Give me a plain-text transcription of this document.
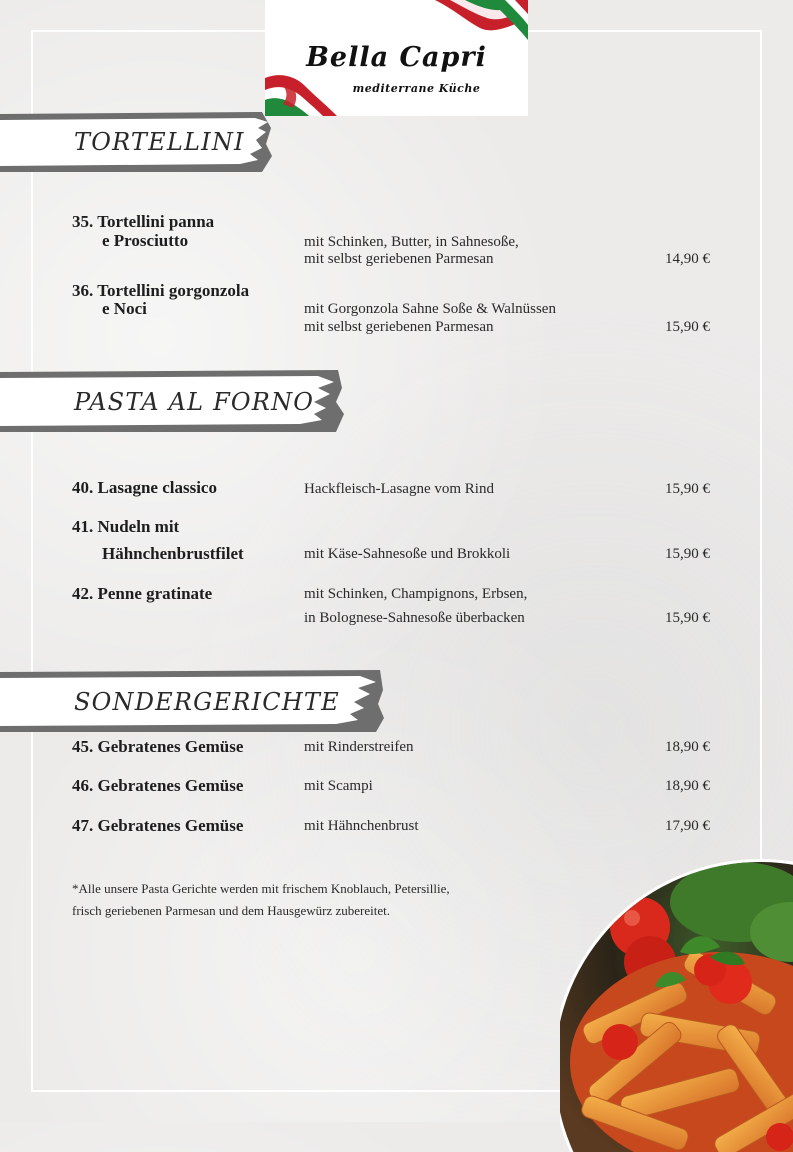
Bella Capri
mediterrane Küche
TORTELLINI
35. Tortellini panna
e Prosciutto	mit Schinken, Butter, in Sahnesoße,
mit selbst geriebenen Parmesan	14,90 €
36. Tortellini gorgonzola
e Noci	mit Gorgonzola Sahne Soße & Walnüssen
mit selbst geriebenen Parmesan	15,90 €
PASTA AL FORNO
40. Lasagne classico	Hackfleisch-Lasagne vom Rind	15,90 €
41. Nudeln mit
Hähnchenbrustfilet	mit Käse-Sahnesoße und Brokkoli	15,90 €
42. Penne gratinate	mit Schinken, Champignons, Erbsen,
in Bolognese-Sahnesoße überbacken	15,90 €
SONDERGERICHTE
45. Gebratenes Gemüse	mit Rinderstreifen	18,90 €
46. Gebratenes Gemüse	mit Scampi	18,90 €
47. Gebratenes Gemüse	mit Hähnchenbrust	17,90 €
*Alle unsere Pasta Gerichte werden mit frischem Knoblauch, Petersillie,
frisch geriebenen Parmesan und dem Hausgewürz zubereitet.
